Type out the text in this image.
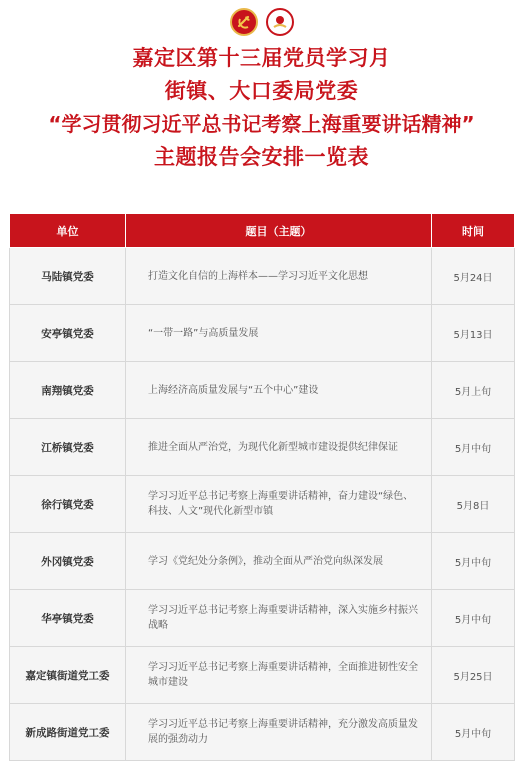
嘉定区第十三届党员学习月
街镇、大口委局党委
“学习贯彻习近平总书记考察上海重要讲话精神”
主题报告会安排一览表
单位	题目（主题）	时间
马陆镇党委	打造文化自信的上海样本——学习习近平文化思想	5月24日
安亭镇党委	“一带一路”与高质量发展	5月13日
南翔镇党委	上海经济高质量发展与“五个中心”建设	5月上旬
江桥镇党委	推进全面从严治党，为现代化新型城市建设提供纪律保证	5月中旬
徐行镇党委	学习习近平总书记考察上海重要讲话精神，奋力建设“绿色、科技、人文”现代化新型市镇	5月8日
外冈镇党委	学习《党纪处分条例》，推动全面从严治党向纵深发展	5月中旬
华亭镇党委	学习习近平总书记考察上海重要讲话精神，深入实施乡村振兴战略	5月中旬
嘉定镇街道党工委	学习习近平总书记考察上海重要讲话精神，全面推进韧性安全城市建设	5月25日
新成路街道党工委	学习习近平总书记考察上海重要讲话精神，充分激发高质量发展的强劲动力	5月中旬
